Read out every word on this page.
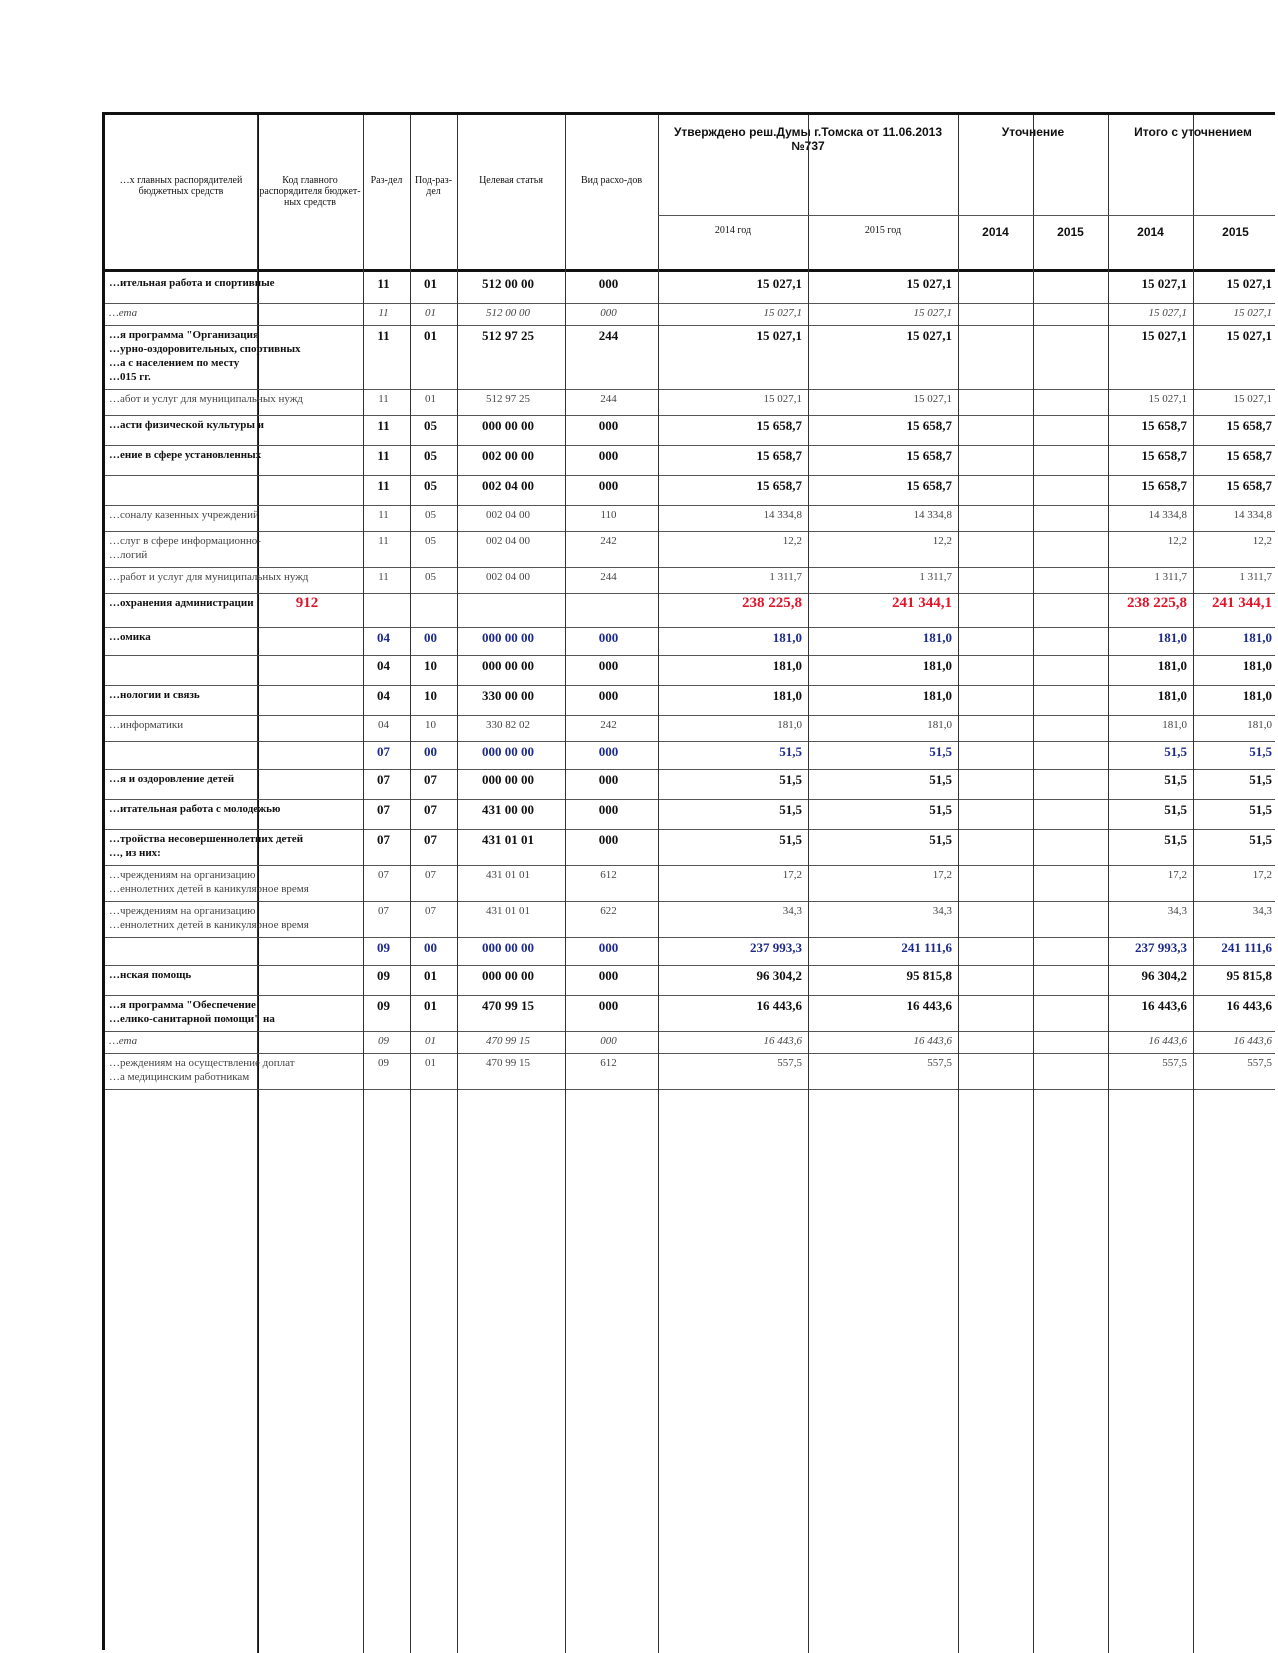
…х главных распорядителей бюджетных средств
Код главного распорядителя бюджет-ных средств
Раз-дел	Под-раз-дел
Целевая статья	Вид расхо-дов
Утверждено реш.Думы г.Томска от 11.06.2013 №737
2014 год	2015 год
Уточнение
2014	2015
Итого с уточнением
2014	2015
…ительная работа и спортивные	11	01	512 00 00	000	15 027,1	15 027,1	15 027,1	15 027,1
…ета	11	01	512 00 00	000	15 027,1	15 027,1	15 027,1	15 027,1
…я программа "Организация
…урно-оздоровительных, спортивных
…а с населением по месту
…015 гг.
11	01	512 97 25	244	15 027,1	15 027,1	15 027,1	15 027,1
…абот и услуг для муниципальных нужд	11	01	512 97 25	244	15 027,1	15 027,1	15 027,1	15 027,1
…асти физической культуры и	11	05	000 00 00	000	15 658,7	15 658,7	15 658,7	15 658,7
…ение в сфере установленных	11	05	002 00 00	000	15 658,7	15 658,7	15 658,7	15 658,7
11	05	002 04 00	000	15 658,7	15 658,7	15 658,7	15 658,7
…соналу казенных учреждений	11	05	002 04 00	110	14 334,8	14 334,8	14 334,8	14 334,8
…слуг в сфере информационно-
…логий
11	05	002 04 00	242	12,2	12,2	12,2	12,2
…работ и услуг для муниципальных нужд	11	05	002 04 00	244	1 311,7	1 311,7	1 311,7	1 311,7
…охранения администрации	912	238 225,8	241 344,1	238 225,8	241 344,1
…омика	04	00	000 00 00	000	181,0	181,0	181,0	181,0
04	10	000 00 00	000	181,0	181,0	181,0	181,0
…нологии и связь	04	10	330 00 00	000	181,0	181,0	181,0	181,0
…информатики	04	10	330 82 02	242	181,0	181,0	181,0	181,0
07	00	000 00 00	000	51,5	51,5	51,5	51,5
…я и оздоровление детей	07	07	000 00 00	000	51,5	51,5	51,5	51,5
…итательная работа с молодежью	07	07	431 00 00	000	51,5	51,5	51,5	51,5
…тройства несовершеннолетних детей
…, из них:
07	07	431 01 01	000	51,5	51,5	51,5	51,5
…чреждениям на организацию
…еннолетних детей в каникулярное время
07	07	431 01 01	612	17,2	17,2	17,2	17,2
…чреждениям на организацию
…еннолетних детей в каникулярное время
07	07	431 01 01	622	34,3	34,3	34,3	34,3
09	00	000 00 00	000	237 993,3	241 111,6	237 993,3	241 111,6
…нская помощь	09	01	000 00 00	000	96 304,2	95 815,8	96 304,2	95 815,8
…я программа "Обеспечение
…елико-санитарной помощи" на
09	01	470 99 15	000	16 443,6	16 443,6	16 443,6	16 443,6
…ета	09	01	470 99 15	000	16 443,6	16 443,6	16 443,6	16 443,6
…реждениям на осуществление доплат
…а медицинским работникам
09	01	470 99 15	612	557,5	557,5	557,5	557,5
